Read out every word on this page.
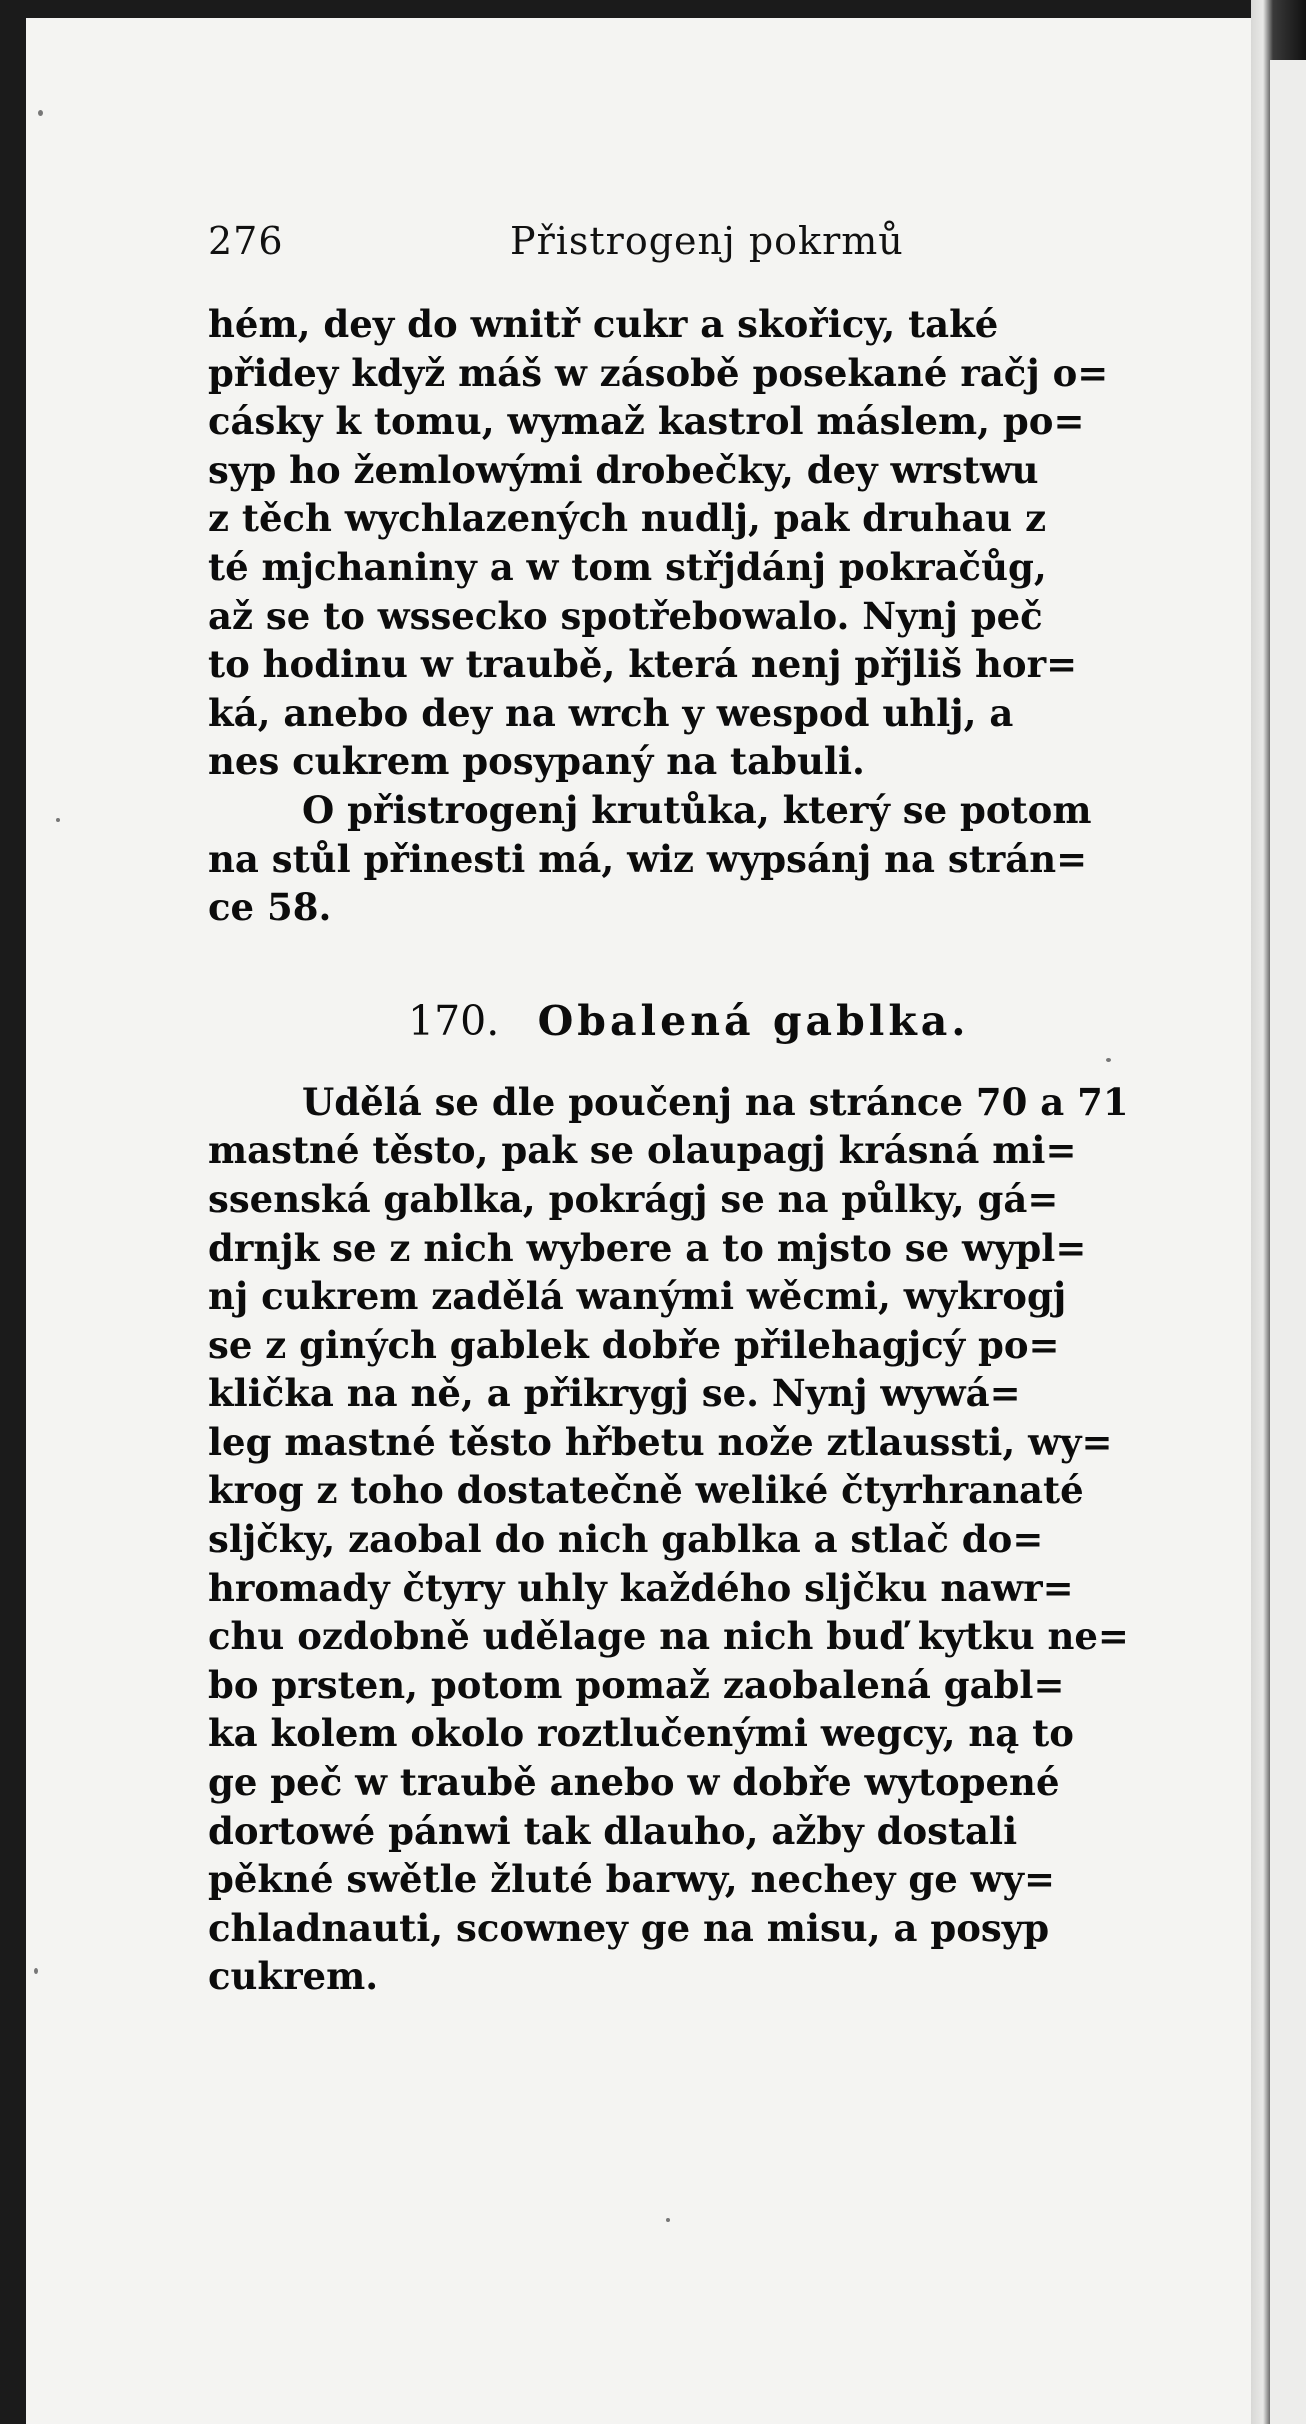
276	Přistrogenj pokrmů
hém, dey do wnitř cukr a skořicy, také
přidey když máš w zásobě posekané račj o=
cásky k tomu, wymaž kastrol máslem, po=
syp ho žemlowými drobečky, dey wrstwu
z těch wychlazených nudlj, pak druhau z
té mjchaniny a w tom střjdánj pokračůg,
až se to wsseckо spotřebowalo. Nynj peč
to hodinu w traubě, která nenj přjliš hor=
ká, anebo dey na wrch y wespod uhlj, a
nes cukrem posypaný na tabuli.
O přistrogenj krutůka, který se potom
na stůl přinesti má, wiz wypsánj na strán=
ce 58.
170. Obalená gablka.
Udělá se dle poučenj na stránce 70 a 71
mastné těsto, pak se olaupagj krásná mi=
ssenská gablka, pokrágj se na půlky, gá=
drnjk se z nich wybere a to mjsto se wypl=
nj cukrem zadělá wanými wěcmi, wykrogj
se z giných gablek dobře přilehagjcý po=
klička na ně, a přikrygj se. Nynj wywá=
leg mastné těsto hřbetu nože ztlaussti, wy=
krog z toho dostatečně weliké čtyrhranaté
sljčky, zaobal do nich gablka a stlač do=
hromady čtyry uhly každého sljčku nawr=
chu ozdobně udělage na nich buď kytku ne=
bo prsten, potom pomaž zaobalená gabl=
ka kolem okolo roztlučenými wegcy, ną to
ge peč w traubě anebo w dobře wytopené
dortowé pánwi tak dlauho, ažby dostali
pěkné swětle žluté barwy, nechey ge wy=
chladnauti, scowney ge na misu, a posyp
cukrem.
